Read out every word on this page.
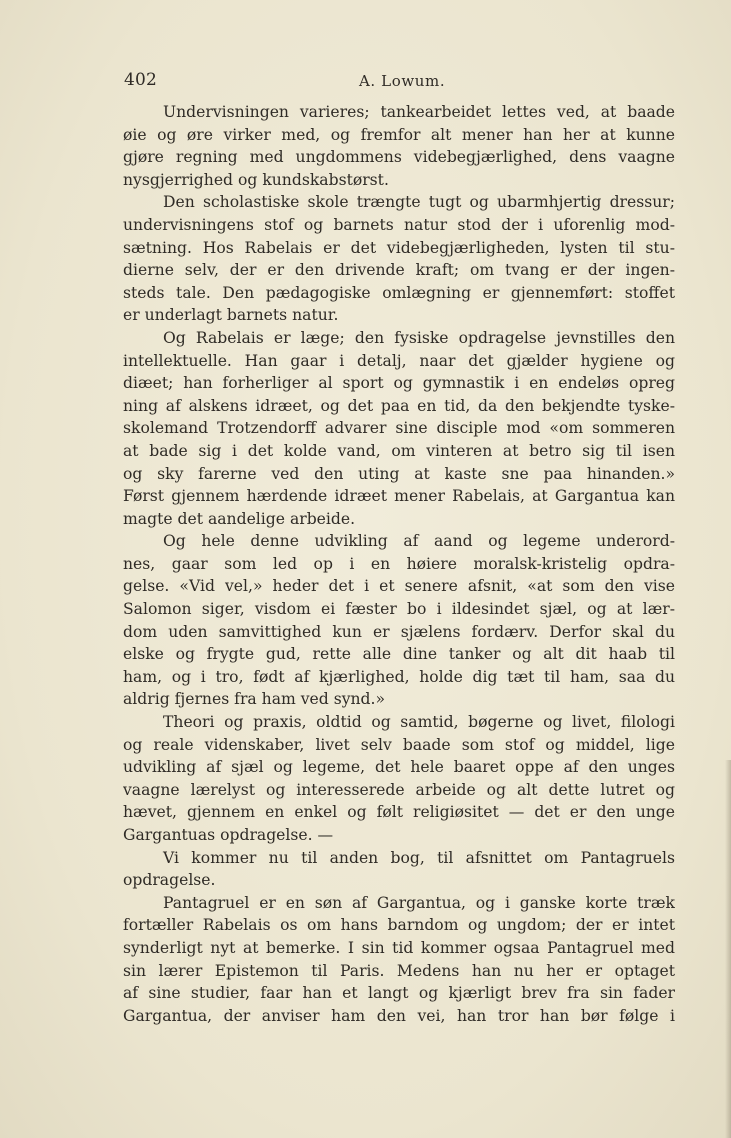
402	A. Lowum.
Undervisningen varieres; tankearbeidet lettes ved, at baade
øie og øre virker med, og fremfor alt mener han her at kunne
gjøre regning med ungdommens videbegjærlighed, dens vaagne
nysgjerrighed og kundskabstørst.
Den scholastiske skole trængte tugt og ubarmhjertig dressur;
undervisningens stof og barnets natur stod der i uforenlig mod-
sætning. Hos Rabelais er det videbegjærligheden, lysten til stu-
dierne selv, der er den drivende kraft; om tvang er der ingen-
steds tale. Den pædagogiske omlægning er gjennemført: stoffet
er underlagt barnets natur.
Og Rabelais er læge; den fysiske opdragelse jevnstilles den
intellektuelle. Han gaar i detalj, naar det gjælder hygiene og
diæet; han forherliger al sport og gymnastik i en endeløs opreg
ning af alskens idræet, og det paa en tid, da den bekjendte tyske-
skolemand Trotzendorff advarer sine disciple mod «om sommeren
at bade sig i det kolde vand, om vinteren at betro sig til isen
og sky farerne ved den uting at kaste sne paa hinanden.»
Først gjennem hærdende idræet mener Rabelais, at Gargantua kan
magte det aandelige arbeide.
Og hele denne udvikling af aand og legeme underord-
nes, gaar som led op i en høiere moralsk-kristelig opdra-
gelse. «Vid vel,» heder det i et senere afsnit, «at som den vise
Salomon siger, visdom ei fæster bo i ildesindet sjæl, og at lær-
dom uden samvittighed kun er sjælens fordærv. Derfor skal du
elske og frygte gud, rette alle dine tanker og alt dit haab til
ham, og i tro, født af kjærlighed, holde dig tæt til ham, saa du
aldrig fjernes fra ham ved synd.»
Theori og praxis, oldtid og samtid, bøgerne og livet, filologi
og reale videnskaber, livet selv baade som stof og middel, lige
udvikling af sjæl og legeme, det hele baaret oppe af den unges
vaagne lærelyst og interesserede arbeide og alt dette lutret og
hævet, gjennem en enkel og følt religiøsitet — det er den unge
Gargantuas opdragelse. —
Vi kommer nu til anden bog, til afsnittet om Pantagruels
opdragelse.
Pantagruel er en søn af Gargantua, og i ganske korte træk
fortæller Rabelais os om hans barndom og ungdom; der er intet
synderligt nyt at bemerke. I sin tid kommer ogsaa Pantagruel med
sin lærer Epistemon til Paris. Medens han nu her er optaget
af sine studier, faar han et langt og kjærligt brev fra sin fader
Gargantua, der anviser ham den vei, han tror han bør følge i
